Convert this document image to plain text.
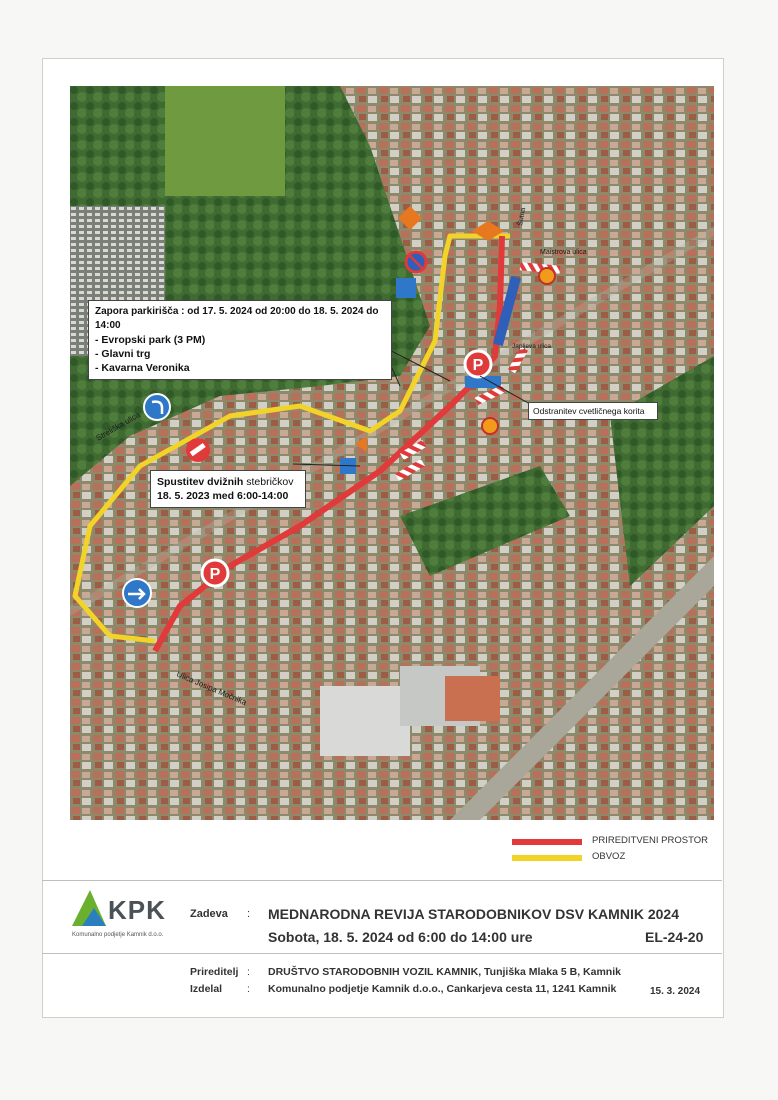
P
P
Streliška ulica
Ulica Josipa Močnika
Maistrova ulica
Šutna
Japljeva ulica
Zapora parkirišča : od 17. 5. 2024 od 20:00 do 18. 5. 2024 do 14:00
- Evropski park (3 PM)
- Glavni trg
- Kavarna Veronika
Spustitev dvižnih stebričkov
18. 5. 2023 med 6:00-14:00
Odstranitev cvetličnega korita
PRIREDITVENI PROSTOR
OBVOZ
KPK
Komunalno podjetje Kamnik d.o.o.
Zadeva : MEDNARODNA REVIJA STARODOBNIKOV DSV KAMNIK 2024
Sobota, 18. 5. 2024 od 6:00 do 14:00 ure	EL-24-20
Prireditelj : DRUŠTVO STARODOBNIH VOZIL KAMNIK, Tunjiška Mlaka 5 B, Kamnik
Izdelal : Komunalno podjetje Kamnik d.o.o., Cankarjeva cesta 11, 1241 Kamnik	15. 3. 2024
